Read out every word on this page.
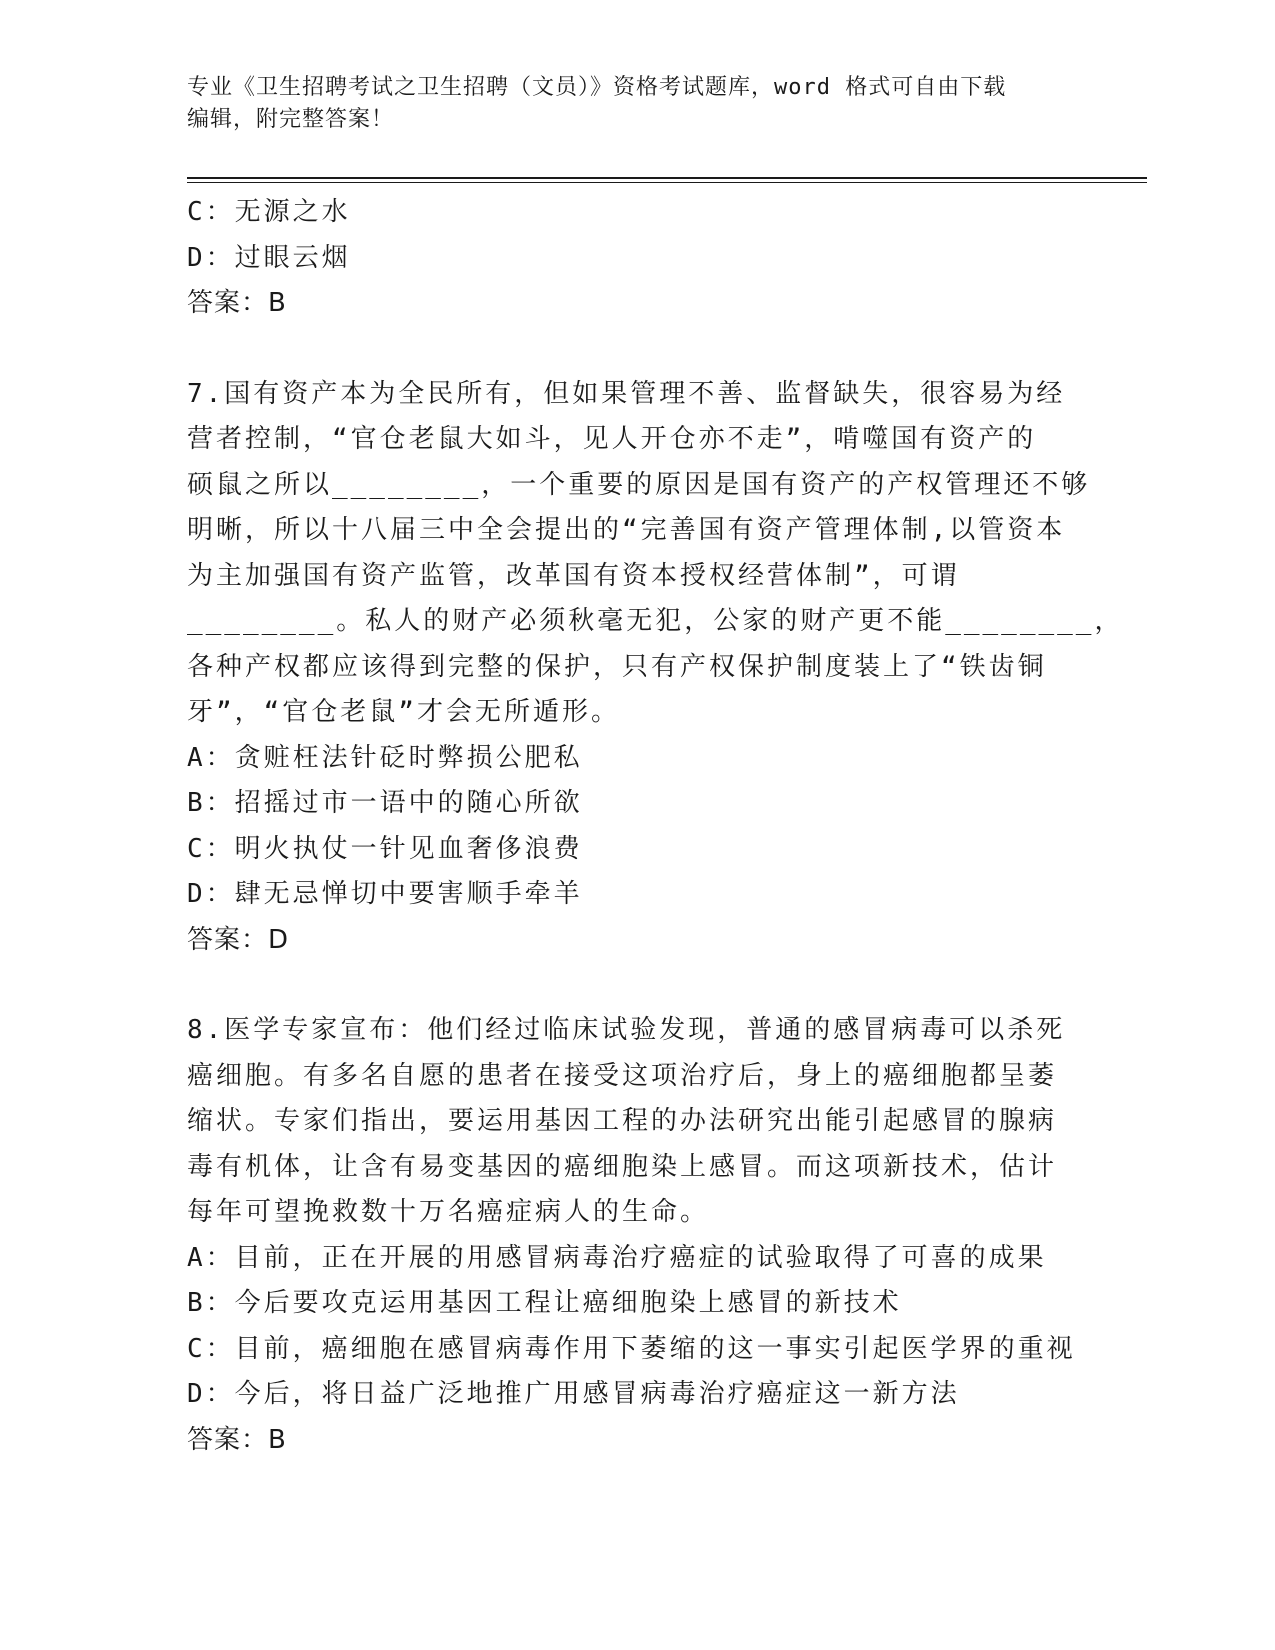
专业《卫生招聘考试之卫生招聘（文员）》资格考试题库，word 格式可自由下载
编辑，附完整答案！
C：无源之水
D：过眼云烟
答案：B
7.国有资产本为全民所有，但如果管理不善、监督缺失，很容易为经
营者控制，“官仓老鼠大如斗，见人开仓亦不走”，啃噬国有资产的
硕鼠之所以________，一个重要的原因是国有资产的产权管理还不够
明晰，所以十八届三中全会提出的“完善国有资产管理体制,以管资本
为主加强国有资产监管，改革国有资本授权经营体制”，可谓
________。私人的财产必须秋毫无犯，公家的财产更不能________，
各种产权都应该得到完整的保护，只有产权保护制度装上了“铁齿铜
牙”，“官仓老鼠”才会无所遁形。
A：贪赃枉法针砭时弊损公肥私
B：招摇过市一语中的随心所欲
C：明火执仗一针见血奢侈浪费
D：肆无忌惮切中要害顺手牵羊
答案：D
8.医学专家宣布：他们经过临床试验发现，普通的感冒病毒可以杀死
癌细胞。有多名自愿的患者在接受这项治疗后，身上的癌细胞都呈萎
缩状。专家们指出，要运用基因工程的办法研究出能引起感冒的腺病
毒有机体，让含有易变基因的癌细胞染上感冒。而这项新技术，估计
每年可望挽救数十万名癌症病人的生命。
A：目前，正在开展的用感冒病毒治疗癌症的试验取得了可喜的成果
B：今后要攻克运用基因工程让癌细胞染上感冒的新技术
C：目前，癌细胞在感冒病毒作用下萎缩的这一事实引起医学界的重视
D：今后，将日益广泛地推广用感冒病毒治疗癌症这一新方法
答案：B
